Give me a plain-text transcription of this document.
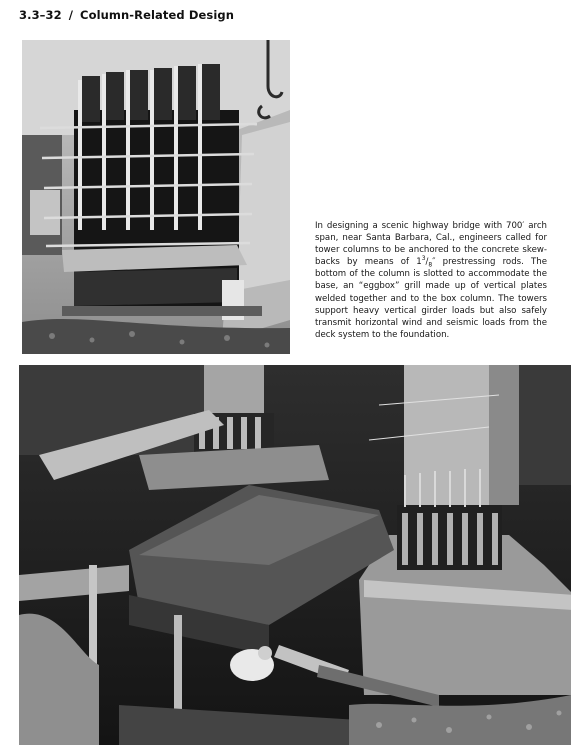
3.3–32 / Column-Related Design
In designing a scenic highway bridge with 700′ arch span, near Santa Barbara, Cal., engineers called for tower columns to be anchored to the concrete skew-backs by means of $1^3/_8''$ prestressing rods. The bottom of the column is slotted to accommodate the base, an “eggbox” grill made up of vertical plates welded together and to the box column. The towers support heavy vertical girder loads but also safely transmit horizontal wind and seismic loads from the deck system to the foundation.
